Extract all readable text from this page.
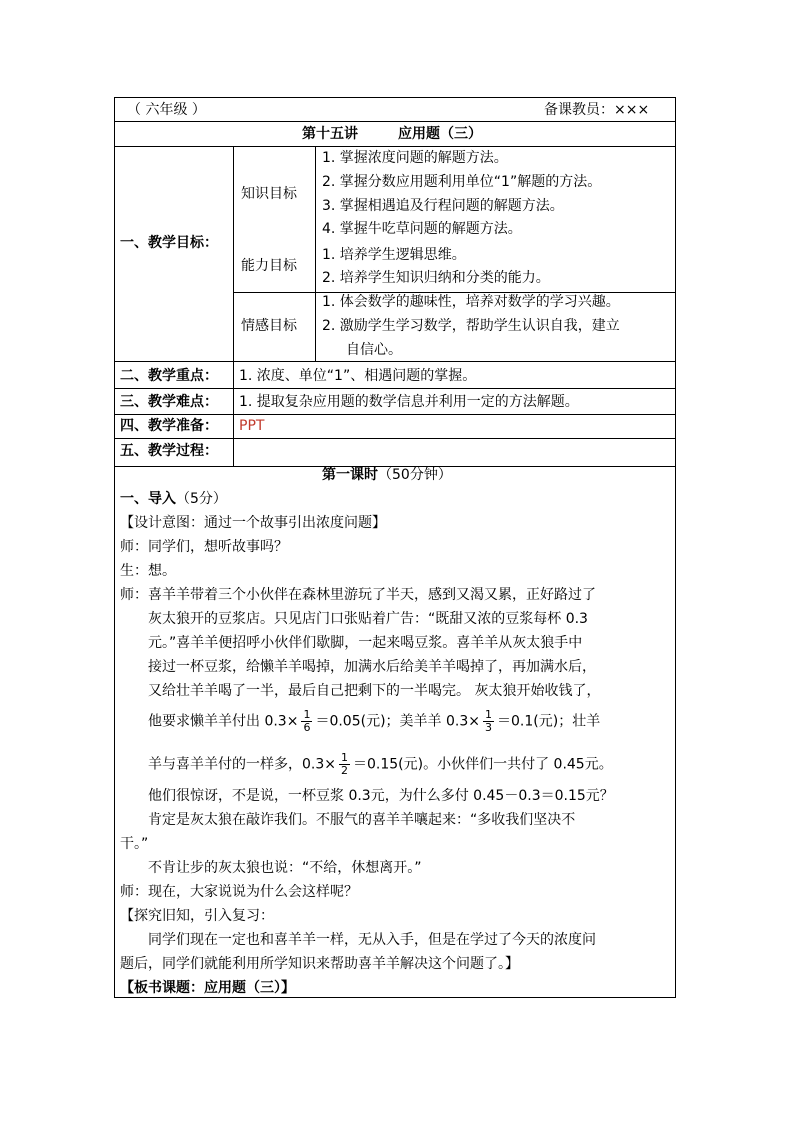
（ 六年级 ）	备课教员：×××
第十五讲	应用题（三）
一、教学目标：
知识目标
1. 掌握浓度问题的解题方法。
2. 掌握分数应用题利用单位“1”解题的方法。
3. 掌握相遇追及行程问题的解题方法。
4. 掌握牛吃草问题的解题方法。
能力目标
1. 培养学生逻辑思维。
2. 培养学生知识归纳和分类的能力。
情感目标
1. 体会数学的趣味性，培养对数学的学习兴趣。
2. 激励学生学习数学，帮助学生认识自我，建立
自信心。
二、教学重点： 1. 浓度、单位“1”、相遇问题的掌握。
三、教学难点： 1. 提取复杂应用题的数学信息并利用一定的方法解题。
四、教学准备： PPT
五、教学过程：
第一课时（50分钟）
一、导入（5分）
【设计意图：通过一个故事引出浓度问题】
师：同学们，想听故事吗？
生：想。
师：喜羊羊带着三个小伙伴在森林里游玩了半天，感到又渴又累，正好路过了
灰太狼开的豆浆店。只见店门口张贴着广告：“既甜又浓的豆浆每杯 0.3
元。”喜羊羊便招呼小伙伴们歇脚，一起来喝豆浆。喜羊羊从灰太狼手中
接过一杯豆浆，给懒羊羊喝掉，加满水后给美羊羊喝掉了，再加满水后，
又给壮羊羊喝了一半，最后自己把剩下的一半喝完。 灰太狼开始收钱了，
他要求懒羊羊付出 $0.3\times \frac{1}{6} =0.05$(元)；美羊羊 $0.3\times \frac{1}{3} =0.1$(元)；壮羊
羊与喜羊羊付的一样多，$0.3\times \frac{1}{2} =0.15$(元)。小伙伴们一共付了 0.45元。
他们很惊讶，不是说，一杯豆浆 0.3元，为什么多付 0.45－0.3＝0.15元？
肯定是灰太狼在敲诈我们。不服气的喜羊羊嚷起来：“多收我们坚决不
干。”
不肯让步的灰太狼也说：“不给，休想离开。”
师：现在，大家说说为什么会这样呢？
【探究旧知，引入复习：
同学们现在一定也和喜羊羊一样，无从入手，但是在学过了今天的浓度问
题后，同学们就能利用所学知识来帮助喜羊羊解决这个问题了。】
【板书课题：应用题（三）】
